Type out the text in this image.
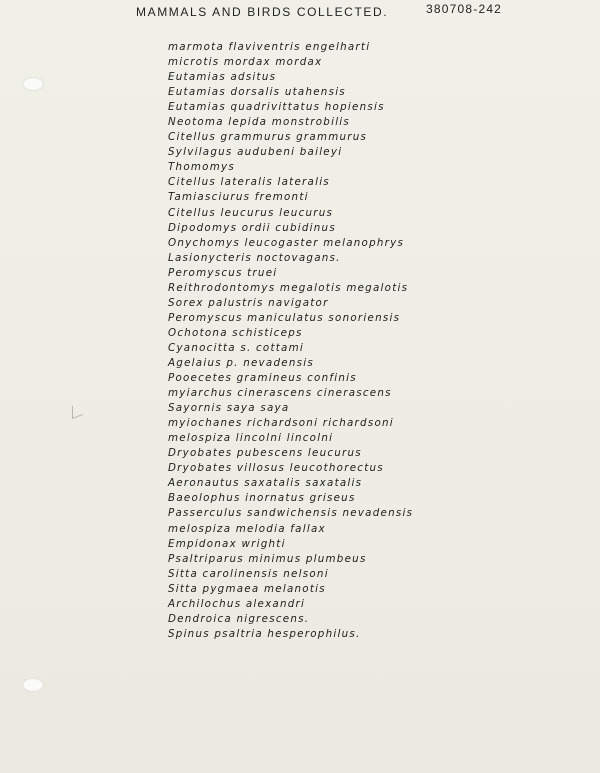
MAMMALS AND BIRDS COLLECTED.	380708-242
marmota flaviventris engelharti
microtis mordax mordax
Eutamias adsitus
Eutamias dorsalis utahensis
Eutamias quadrivittatus hopiensis
Neotoma lepida monstrobilis
Citellus grammurus grammurus
Sylvilagus audubeni baileyi
Thomomys
Citellus lateralis lateralis
Tamiasciurus fremonti
Citellus leucurus leucurus
Dipodomys ordii cubidinus
Onychomys leucogaster melanophrys
Lasionycteris noctovagans.
Peromyscus truei
Reithrodontomys megalotis megalotis
Sorex palustris navigator
Peromyscus maniculatus sonoriensis
Ochotona schisticeps
Cyanocitta s. cottami
Agelaius p. nevadensis
Pooecetes gramineus confinis
myiarchus cinerascens cinerascens
Sayornis saya saya
myiochanes richardsoni richardsoni
melospiza lincolni lincolni
Dryobates pubescens leucurus
Dryobates villosus leucothorectus
Aeronautus saxatalis saxatalis
Baeolophus inornatus griseus
Passerculus sandwichensis nevadensis
melospiza melodia fallax
Empidonax wrighti
Psaltriparus minimus plumbeus
Sitta carolinensis nelsoni
Sitta pygmaea melanotis
Archilochus alexandri
Dendroica nigrescens.
Spinus psaltria hesperophilus.
